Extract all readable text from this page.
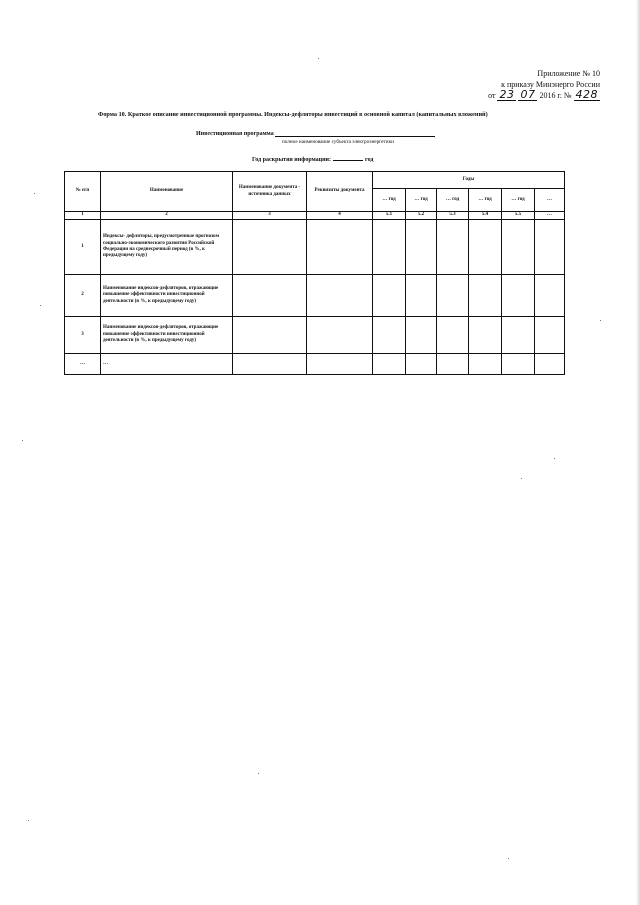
Приложение № 10
к приказу Минэнерго России
от 23 07 2016 г. № 428
Форма 10. Краткое описание инвестиционной программы. Индексы-дефляторы инвестиций в основной капитал (капитальных вложений)
Инвестиционная программа
полное наименование субъекта электроэнергетики
Год раскрытия информации:	год
№ п/п	Наименование	Наименование документа - источника данных	Реквизиты документа	Годы					
				… год	… год	… год	… год	… год	…
1	2	3	4	5.1	5.2	5.3	5.4	5.5	…
1	Индексы- дефляторы, предусмотренные прогнозом социально-экономического развития Российской Федерации на среднесрочный период (в %, к предыдущему году)								
2	Наименование индексов-дефляторов, отражающие повышение эффективности инвестиционной деятельности (в %, к предыдущему году)								
3	Наименование индексов-дефляторов, отражающие повышение эффективности инвестиционной деятельности (в %, к предыдущему году)								
…	…								
